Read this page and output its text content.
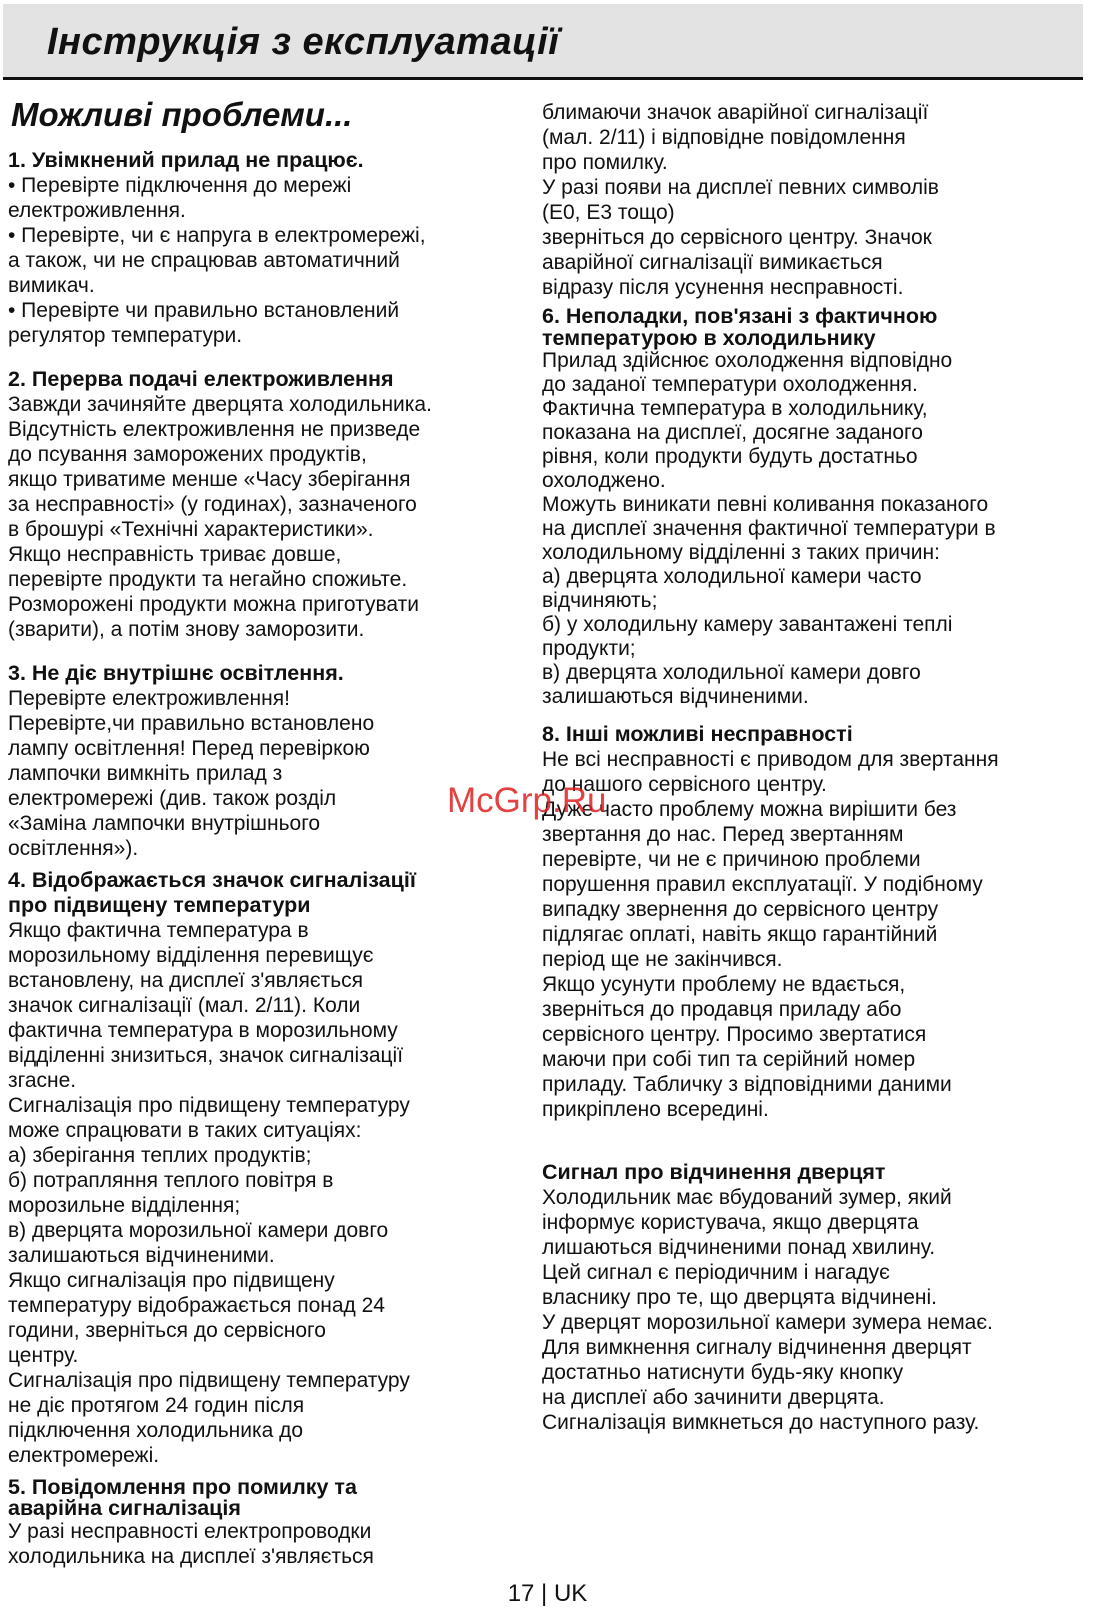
Інструкція з експлуатації
Можливі проблеми...
1. Увімкнений прилад не працює.
• Перевірте підключення до мережі
електроживлення.
• Перевірте, чи є напруга в електромережі,
а також, чи не спрацював автоматичний
вимикач.
• Перевірте чи правильно встановлений
регулятор температури.
2. Перерва подачі електроживлення
Завжди зачиняйте дверцята холодильника.
Відсутність електроживлення не призведе
до псування заморожених продуктів,
якщо триватиме менше «Часу зберігання
за несправності» (у годинах), зазначеного
в брошурі «Технічні характеристики».
Якщо несправність триває довше,
перевірте продукти та негайно спожиьте.
Розморожені продукти можна приготувати
(зварити), а потім знову заморозити.
3. Не діє внутрішнє освітлення.
Перевірте електроживлення!
Перевірте,чи правильно встановлено
лампу освітлення! Перед перевіркою
лампочки вимкніть прилад з
електромережі (див. також розділ
«Заміна лампочки внутрішнього
освітлення»).
4. Відображається значок сигналізації
про підвищену температури
Якщо фактична температура в
морозильному відділення перевищує
встановлену, на дисплеї з'являється
значок сигналізації (мал. 2/11). Коли
фактична температура в морозильному
відділенні знизиться, значок сигналізації
згасне.
Сигналізація про підвищену температуру
може спрацювати в таких ситуаціях:
а) зберігання теплих продуктів;
б) потрапляння теплого повітря в
морозильне відділення;
в) дверцята морозильної камери довго
залишаються відчиненими.
Якщо сигналізація про підвищену
температуру відображається понад 24
години, зверніться до сервісного
центру.
Сигналізація про підвищену температуру
не діє протягом 24 годин після
підключення холодильника до
електромережі.
5. Повідомлення про помилку та
аварійна сигналізація
У разі несправності електропроводки
холодильника на дисплеї з'являється
блимаючи значок аварійної сигналізації
(мал. 2/11) і відповідне повідомлення
про помилку.
У разі появи на дисплеї певних символів
(E0, E3 тощо)
зверніться до сервісного центру. Значок
аварійної сигналізації вимикається
відразу після усунення несправності.
6. Неполадки, пов'язані з фактичною
температурою в холодильнику
Прилад здійснює охолодження відповідно
до заданої температури охолодження.
Фактична температура в холодильнику,
показана на дисплеї, досягне заданого
рівня, коли продукти будуть достатньо
охолоджено.
Можуть виникати певні коливання показаного
на дисплеї значення фактичної температури в
холодильному відділенні з таких причин:
а) дверцята холодильної камери часто
відчиняють;
б) у холодильну камеру завантажені теплі
продукти;
в) дверцята холодильної камери довго
залишаються відчиненими.
8. Інші можливі несправності
Не всі несправності є приводом для звертання
до нашого сервісного центру.
Дуже часто проблему можна вирішити без
звертання до нас. Перед звертанням
перевірте, чи не є причиною проблеми
порушення правил експлуатації. У подібному
випадку звернення до сервісного центру
підлягає оплаті, навіть якщо гарантійний
період ще не закінчився.
Якщо усунути проблему не вдається,
зверніться до продавця приладу або
сервісного центру. Просимо звертатися
маючи при собі тип та серійний номер
приладу. Табличку з відповідними даними
прикріплено всередині.
Сигнал про відчинення дверцят
Холодильник має вбудований зумер, який
інформує користувача, якщо дверцята
лишаються відчиненими понад хвилину.
Цей сигнал є періодичним і нагадує
власнику про те, що дверцята відчинені.
У дверцят морозильної камери зумера немає.
Для вимкнення сигналу відчинення дверцят
достатньо натиснути будь-яку кнопку
на дисплеї або зачинити дверцята.
Сигналізація вимкнеться до наступного разу.
McGrp.Ru
17 | UK
